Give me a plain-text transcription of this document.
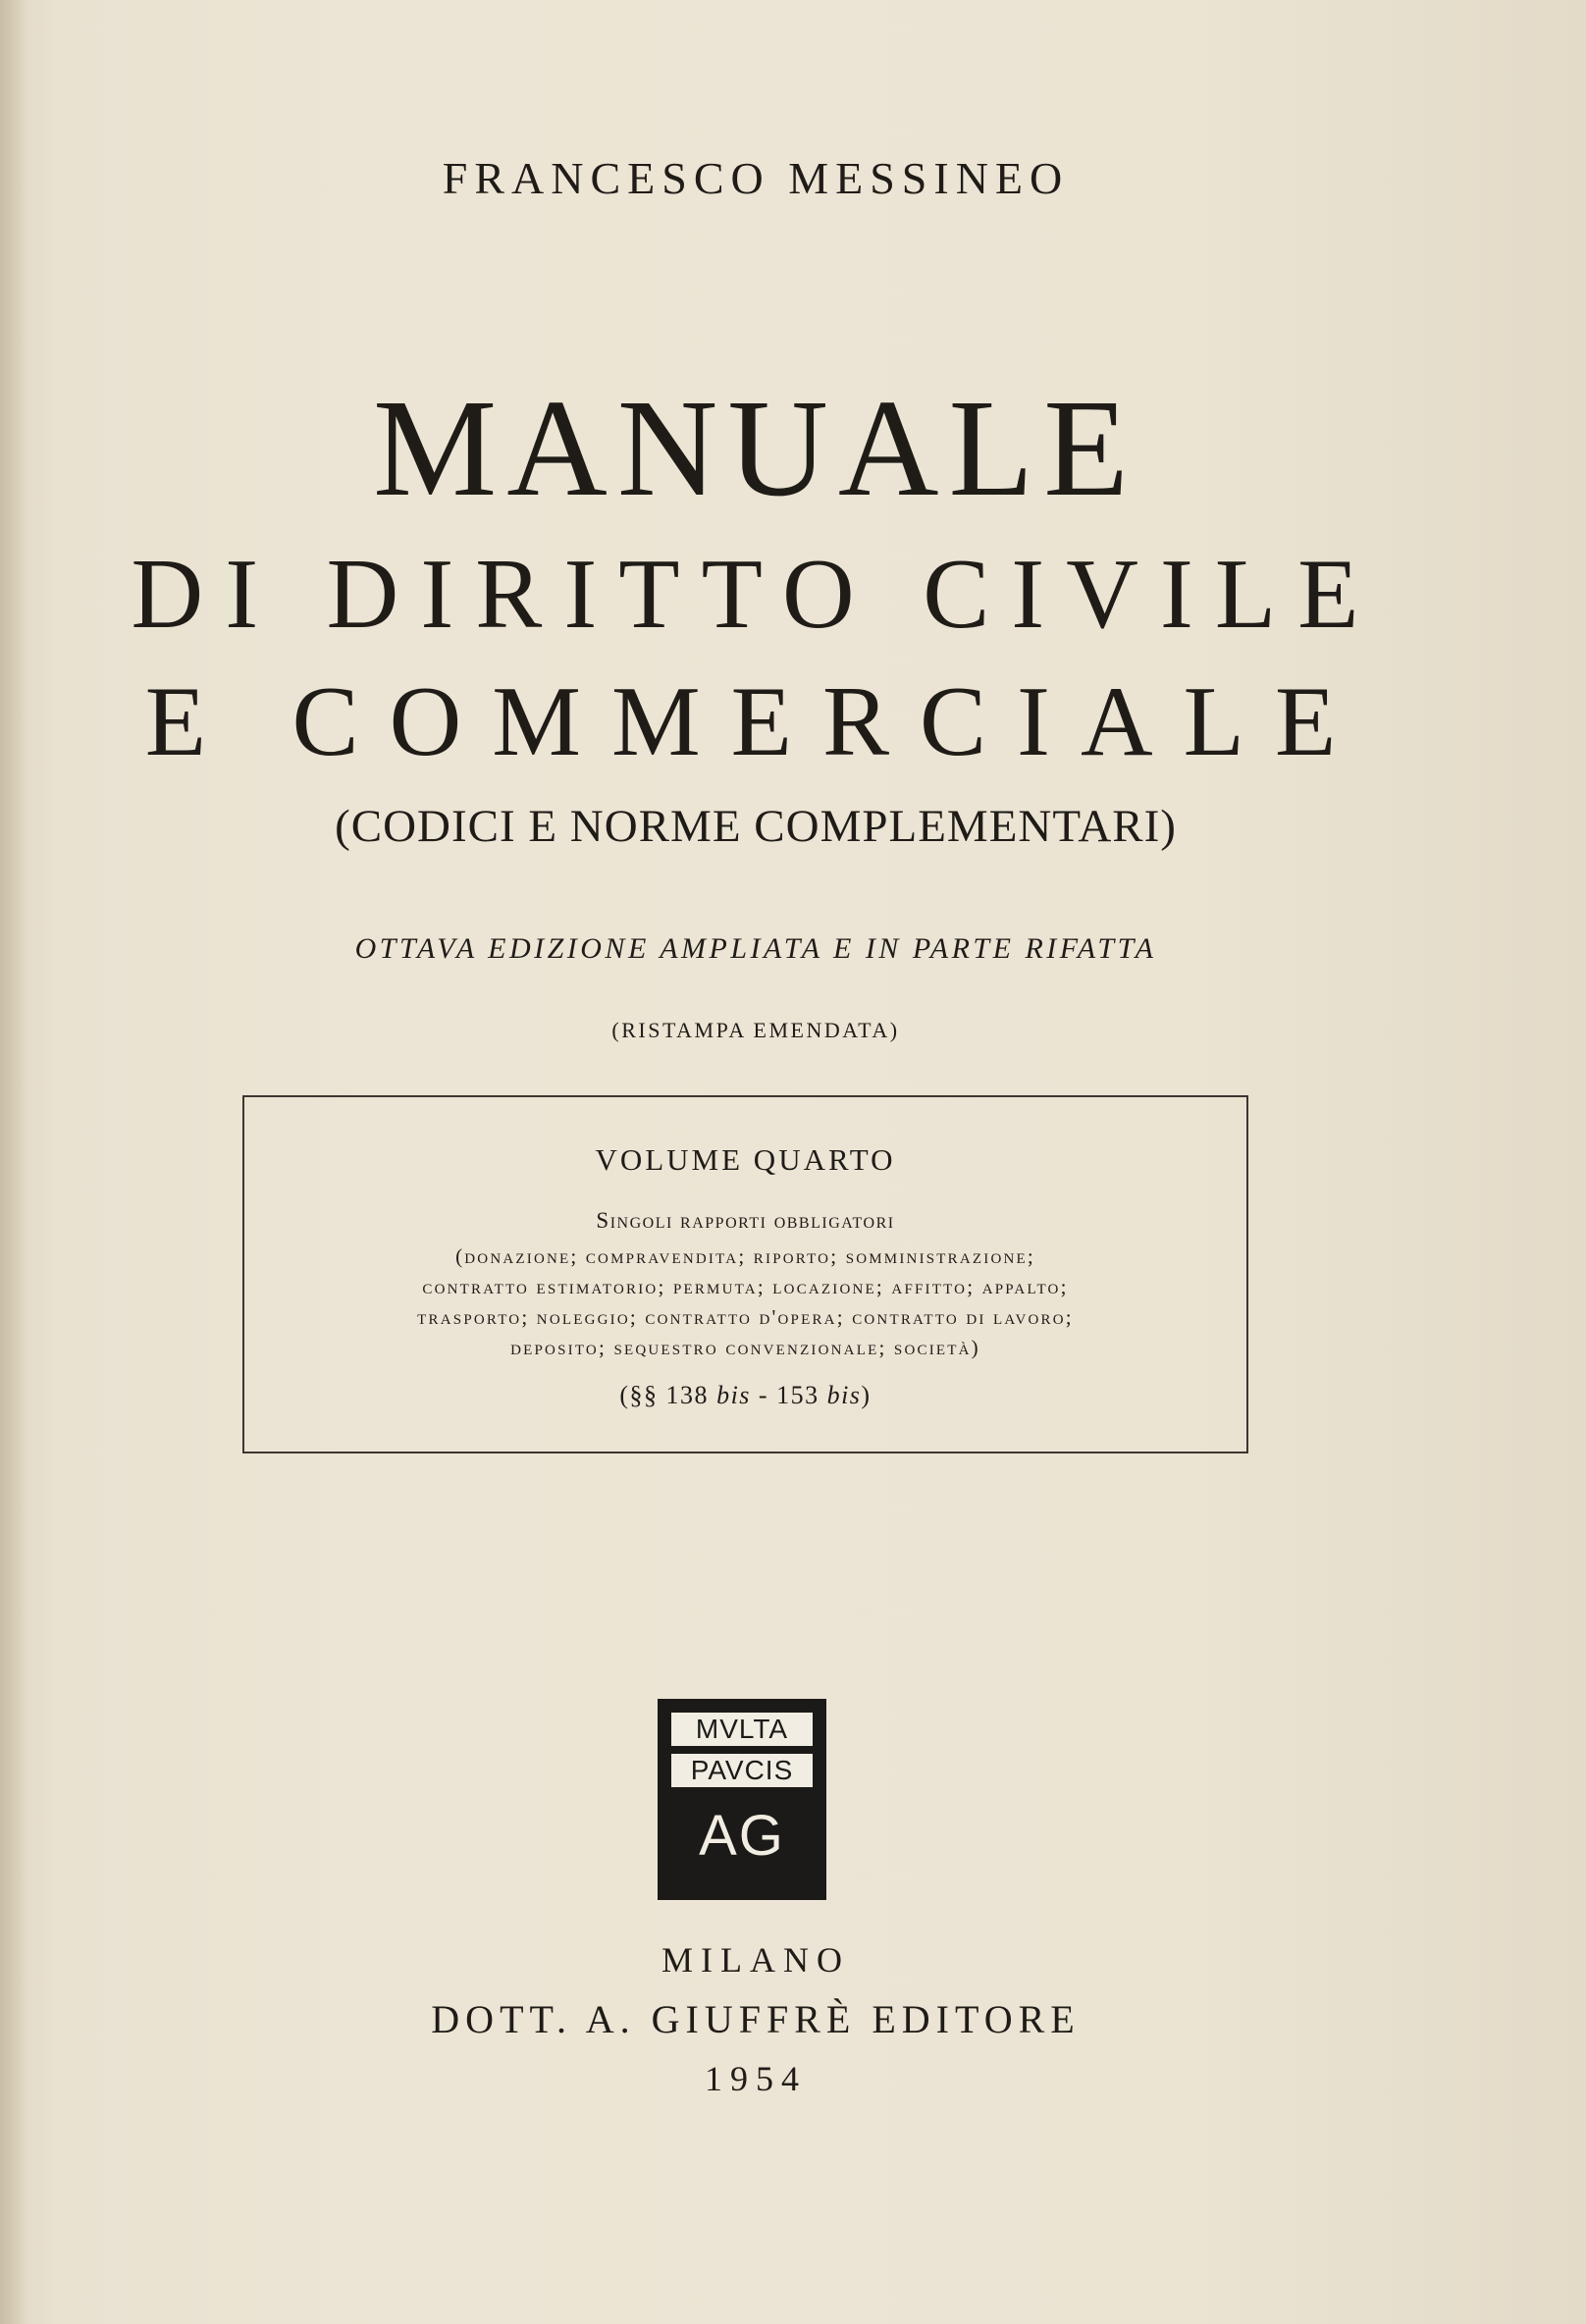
FRANCESCO MESSINEO
MANUALE
DI DIRITTO CIVILE
E COMMERCIALE
(CODICI E NORME COMPLEMENTARI)
OTTAVA EDIZIONE AMPLIATA E IN PARTE RIFATTA
(RISTAMPA EMENDATA)
VOLUME QUARTO
Singoli rapporti obbligatori
(donazione; compravendita; riporto; somministrazione;
contratto estimatorio; permuta; locazione; affitto; appalto;
trasporto; noleggio; contratto d'opera; contratto di lavoro;
deposito; sequestro convenzionale; società)
(§§ 138 bis - 153 bis)
MVLTA
PAVCIS
AG
MILANO
DOTT. A. GIUFFRÈ EDITORE
1954
